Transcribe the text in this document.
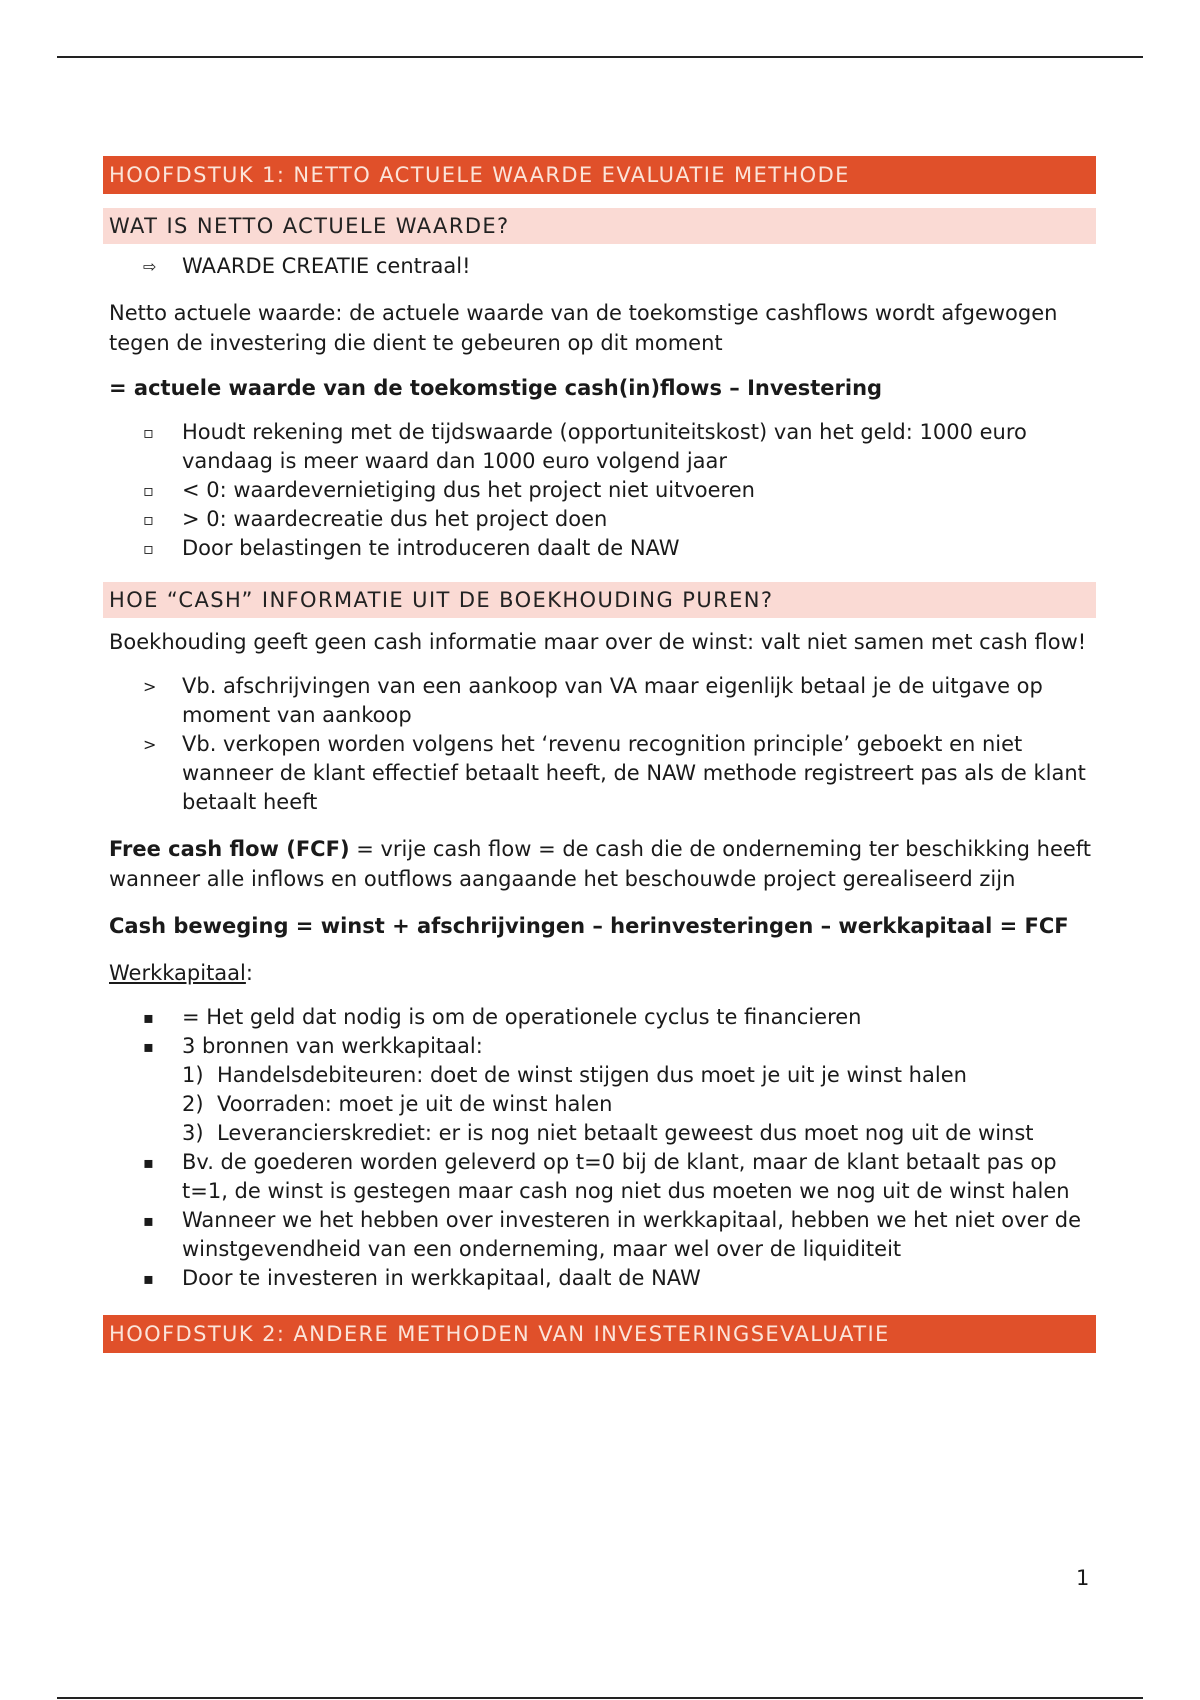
HOOFDSTUK 1: NETTO ACTUELE WAARDE EVALUATIE METHODE
WAT IS NETTO ACTUELE WAARDE?
⇨	WAARDE CREATIE centraal!
Netto actuele waarde: de actuele waarde van de toekomstige cashflows wordt afgewogen tegen de investering die dient te gebeuren op dit moment
= actuele waarde van de toekomstige cash(in)flows – Investering
▫	Houdt rekening met de tijdswaarde (opportuniteitskost) van het geld: 1000 euro vandaag is meer waard dan 1000 euro volgend jaar
▫	< 0: waardevernietiging dus het project niet uitvoeren
▫	> 0: waardecreatie dus het project doen
▫	Door belastingen te introduceren daalt de NAW
HOE “CASH” INFORMATIE UIT DE BOEKHOUDING PUREN?
Boekhouding geeft geen cash informatie maar over de winst: valt niet samen met cash flow!
>	Vb. afschrijvingen van een aankoop van VA maar eigenlijk betaal je de uitgave op moment van aankoop
>	Vb. verkopen worden volgens het ‘revenu recognition principle’ geboekt en niet wanneer de klant effectief betaalt heeft, de NAW methode registreert pas als de klant betaalt heeft
Free cash flow (FCF) = vrije cash flow = de cash die de onderneming ter beschikking heeft wanneer alle inflows en outflows aangaande het beschouwde project gerealiseerd zijn
Cash beweging = winst + afschrijvingen – herinvesteringen – werkkapitaal = FCF
Werkkapitaal:
▪	= Het geld dat nodig is om de operationele cyclus te financieren
▪	3 bronnen van werkkapitaal:
1) Handelsdebiteuren: doet de winst stijgen dus moet je uit je winst halen
2) Voorraden: moet je uit de winst halen
3) Leverancierskrediet: er is nog niet betaalt geweest dus moet nog uit de winst
▪	Bv. de goederen worden geleverd op t=0 bij de klant, maar de klant betaalt pas op t=1, de winst is gestegen maar cash nog niet dus moeten we nog uit de winst halen
▪	Wanneer we het hebben over investeren in werkkapitaal, hebben we het niet over de winstgevendheid van een onderneming, maar wel over de liquiditeit
▪	Door te investeren in werkkapitaal, daalt de NAW
HOOFDSTUK 2: ANDERE METHODEN VAN INVESTERINGSEVALUATIE
1
